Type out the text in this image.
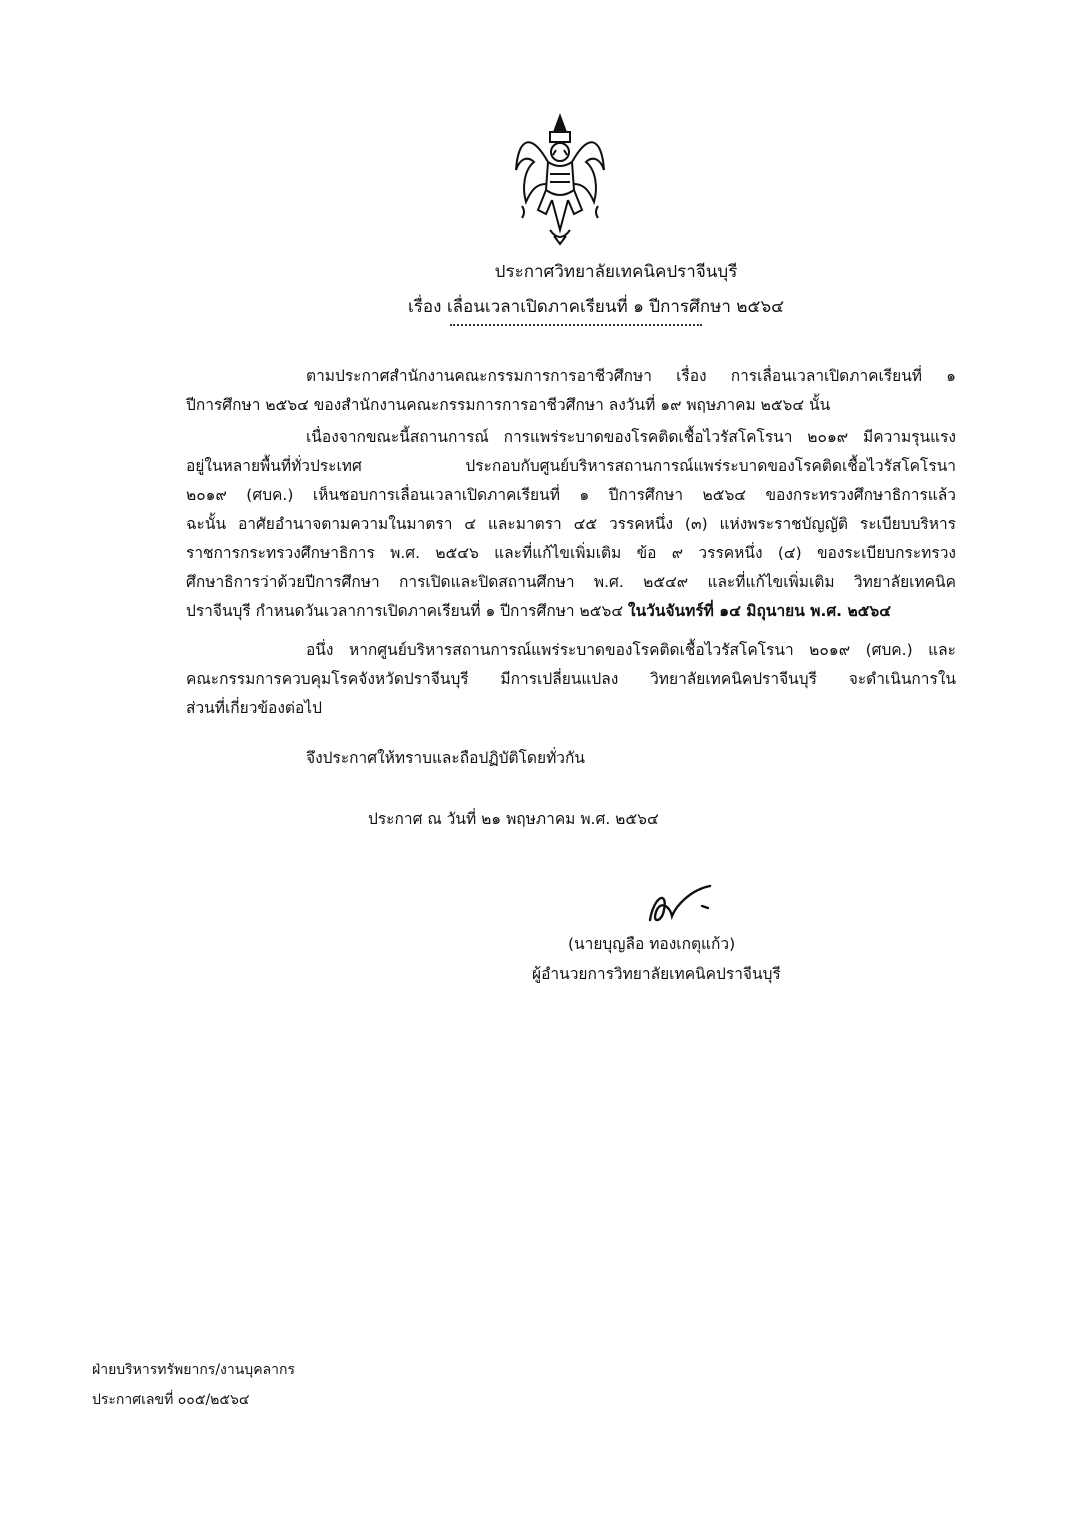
ประกาศวิทยาลัยเทคนิคปราจีนบุรี
เรื่อง เลื่อนเวลาเปิดภาคเรียนที่ ๑ ปีการศึกษา ๒๕๖๔
ตามประกาศสำนักงานคณะกรรมการการอาชีวศึกษา เรื่อง การเลื่อนเวลาเปิดภาคเรียนที่ ๑
ปีการศึกษา ๒๕๖๔ ของสำนักงานคณะกรรมการการอาชีวศึกษา ลงวันที่ ๑๙ พฤษภาคม ๒๕๖๔ นั้น
เนื่องจากขณะนี้สถานการณ์ การแพร่ระบาดของโรคติดเชื้อไวรัสโคโรนา ๒๐๑๙ มีความรุนแรง
อยู่ในหลายพื้นที่ทั่วประเทศ ประกอบกับศูนย์บริหารสถานการณ์แพร่ระบาดของโรคติดเชื้อไวรัสโคโรนา
๒๐๑๙ (ศบค.) เห็นชอบการเลื่อนเวลาเปิดภาคเรียนที่ ๑ ปีการศึกษา ๒๕๖๔ ของกระทรวงศึกษาธิการแล้ว
ฉะนั้น อาศัยอำนาจตามความในมาตรา ๔ และมาตรา ๔๕ วรรคหนึ่ง (๓) แห่งพระราชบัญญัติ ระเบียบบริหาร
ราชการกระทรวงศึกษาธิการ พ.ศ. ๒๕๔๖ และที่แก้ไขเพิ่มเติม ข้อ ๙ วรรคหนึ่ง (๔) ของระเบียบกระทรวง
ศึกษาธิการว่าด้วยปีการศึกษา การเปิดและปิดสถานศึกษา พ.ศ. ๒๕๔๙ และที่แก้ไขเพิ่มเติม วิทยาลัยเทคนิค
ปราจีนบุรี กำหนดวันเวลาการเปิดภาคเรียนที่ ๑ ปีการศึกษา ๒๕๖๔ ในวันจันทร์ที่ ๑๔ มิถุนายน พ.ศ. ๒๕๖๔
อนึ่ง หากศูนย์บริหารสถานการณ์แพร่ระบาดของโรคติดเชื้อไวรัสโคโรนา ๒๐๑๙ (ศบค.) และ
คณะกรรมการควบคุมโรคจังหวัดปราจีนบุรี มีการเปลี่ยนแปลง วิทยาลัยเทคนิคปราจีนบุรี จะดำเนินการใน
ส่วนที่เกี่ยวข้องต่อไป
จึงประกาศให้ทราบและถือปฏิบัติโดยทั่วกัน
ประกาศ ณ วันที่ ๒๑ พฤษภาคม พ.ศ. ๒๕๖๔
(นายบุญลือ ทองเกตุแก้ว)
ผู้อำนวยการวิทยาลัยเทคนิคปราจีนบุรี
ฝ่ายบริหารทรัพยากร/งานบุคลากร
ประกาศเลขที่ ๐๐๕/๒๕๖๔
